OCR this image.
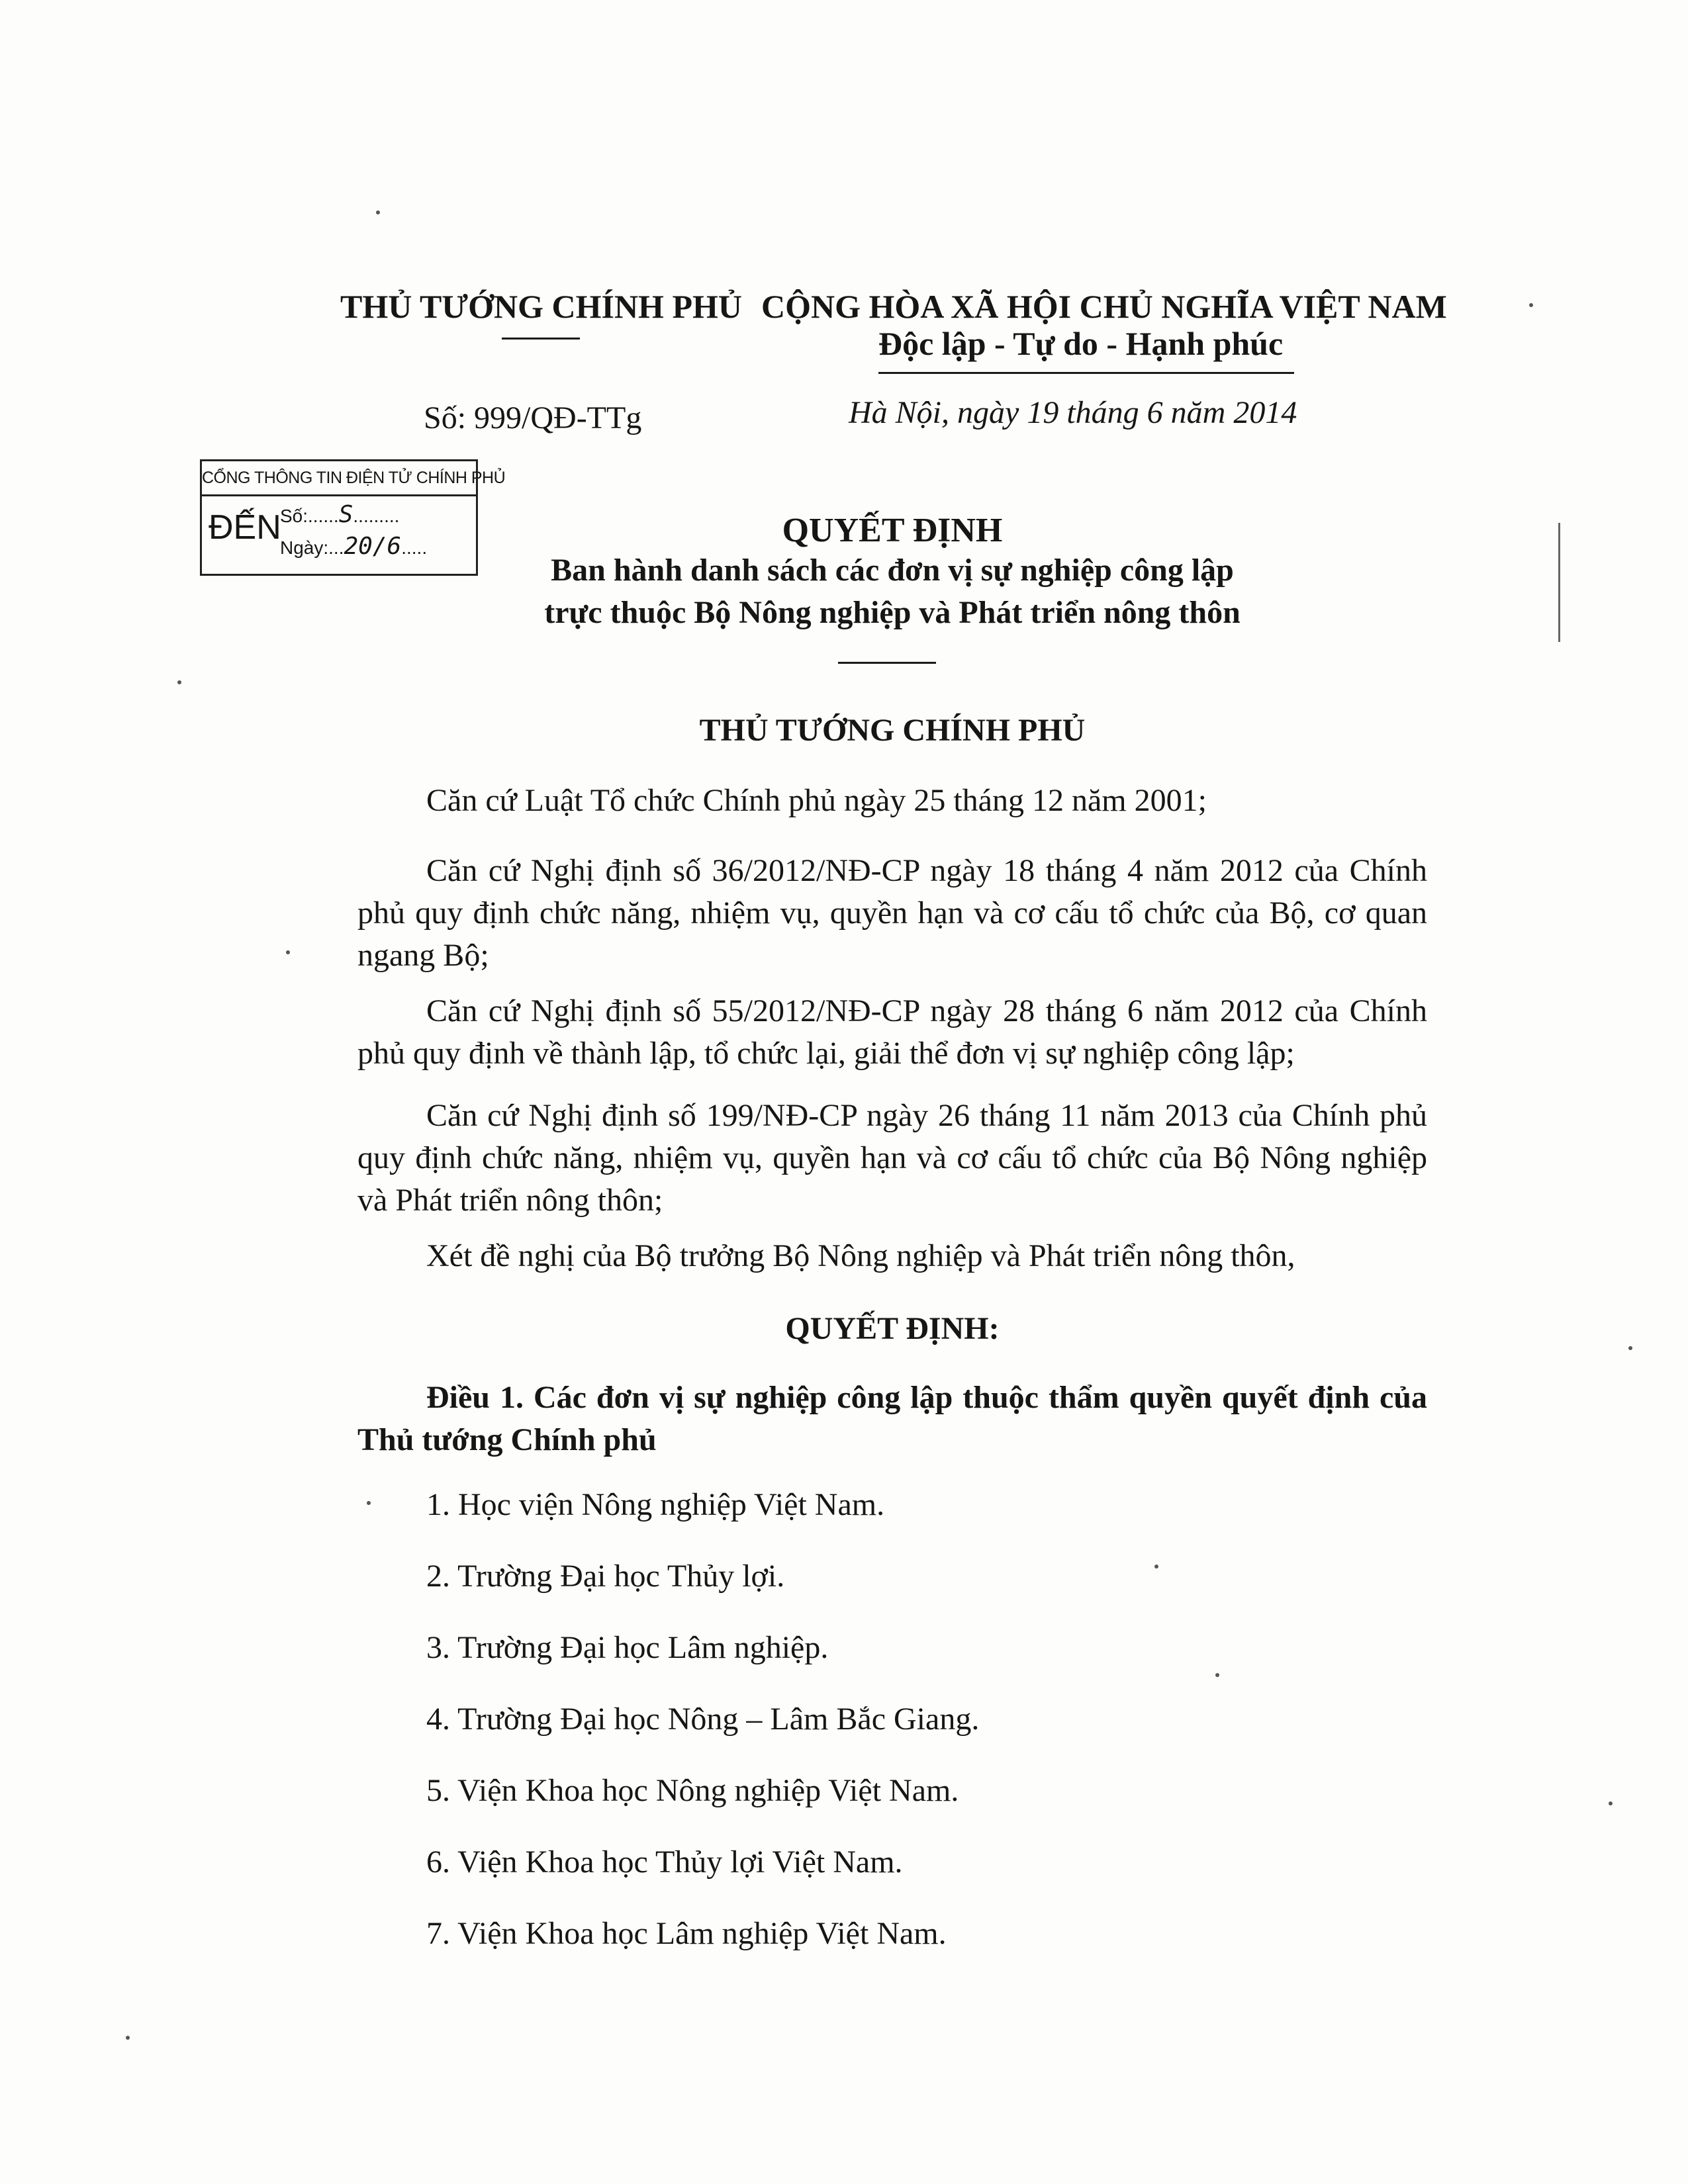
THỦ TƯỚNG CHÍNH PHỦ CỘNG HÒA XÃ HỘI CHỦ NGHĨA VIỆT NAM
Độc lập - Tự do - Hạnh phúc
Số: 999/QĐ-TTg	Hà Nội, ngày 19 tháng 6 năm 2014
CỔNG THÔNG TIN ĐIỆN TỬ CHÍNH PHỦ
ĐẾN
Số:......S.........
Ngày:...20/6.....	QUYẾT ĐỊNH
Ban hành danh sách các đơn vị sự nghiệp công lập
trực thuộc Bộ Nông nghiệp và Phát triển nông thôn
THỦ TƯỚNG CHÍNH PHỦ
Căn cứ Luật Tổ chức Chính phủ ngày 25 tháng 12 năm 2001;
Căn cứ Nghị định số 36/2012/NĐ-CP ngày 18 tháng 4 năm 2012 của Chính phủ quy định chức năng, nhiệm vụ, quyền hạn và cơ cấu tổ chức của Bộ, cơ quan ngang Bộ;
Căn cứ Nghị định số 55/2012/NĐ-CP ngày 28 tháng 6 năm 2012 của Chính phủ quy định về thành lập, tổ chức lại, giải thể đơn vị sự nghiệp công lập;
Căn cứ Nghị định số 199/NĐ-CP ngày 26 tháng 11 năm 2013 của Chính phủ quy định chức năng, nhiệm vụ, quyền hạn và cơ cấu tổ chức của Bộ Nông nghiệp và Phát triển nông thôn;
Xét đề nghị của Bộ trưởng Bộ Nông nghiệp và Phát triển nông thôn,
QUYẾT ĐỊNH:
Điều 1. Các đơn vị sự nghiệp công lập thuộc thẩm quyền quyết định của Thủ tướng Chính phủ
1. Học viện Nông nghiệp Việt Nam.
2. Trường Đại học Thủy lợi.
3. Trường Đại học Lâm nghiệp.
4. Trường Đại học Nông – Lâm Bắc Giang.
5. Viện Khoa học Nông nghiệp Việt Nam.
6. Viện Khoa học Thủy lợi Việt Nam.
7. Viện Khoa học Lâm nghiệp Việt Nam.
